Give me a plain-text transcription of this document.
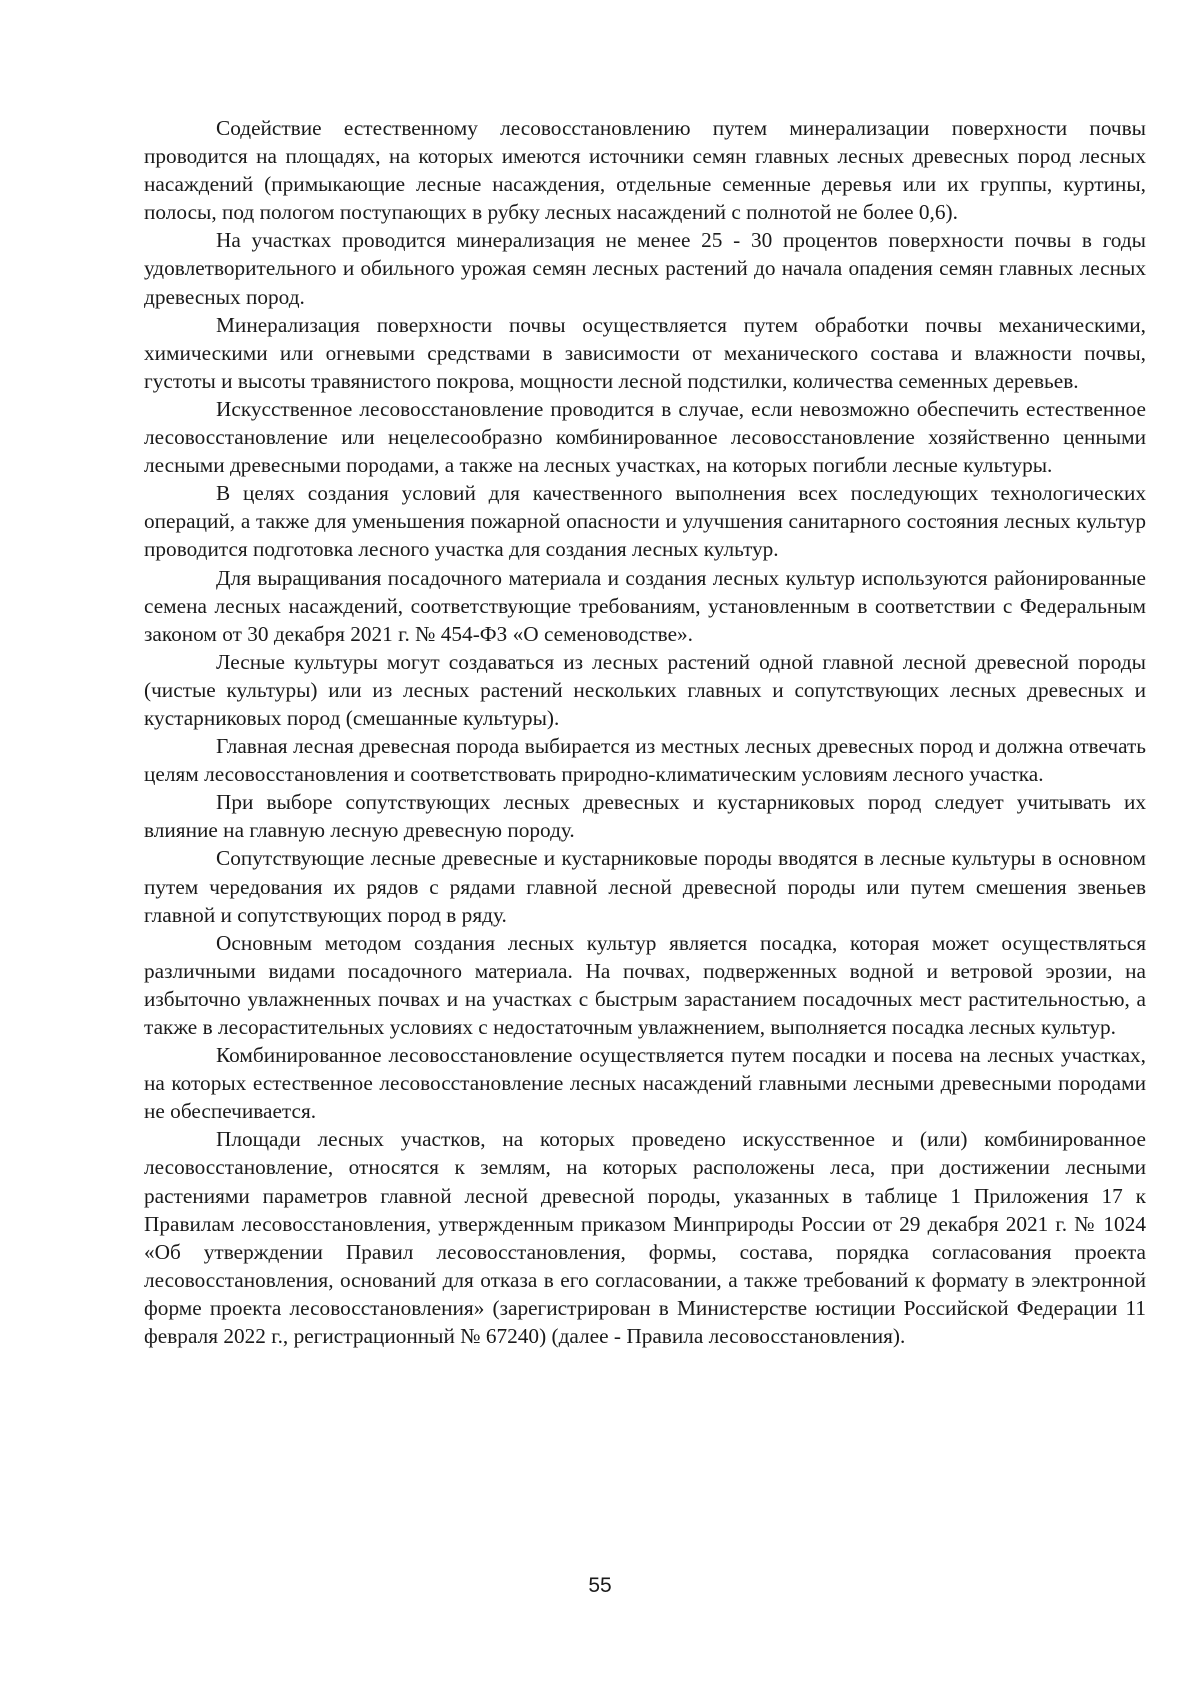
Содействие естественному лесовосстановлению путем минерализации поверхности почвы проводится на площадях, на которых имеются источники семян главных лесных древесных пород лесных насаждений (примыкающие лесные насаждения, отдельные семенные деревья или их группы, куртины, полосы, под пологом поступающих в рубку лесных насаждений с полнотой не более 0,6).

На участках проводится минерализация не менее 25 - 30 процентов поверхности почвы в годы удовлетворительного и обильного урожая семян лесных растений до начала опадения семян главных лесных древесных пород.

Минерализация поверхности почвы осуществляется путем обработки почвы механическими, химическими или огневыми средствами в зависимости от механического состава и влажности почвы, густоты и высоты травянистого покрова, мощности лесной подстилки, количества семенных деревьев.

Искусственное лесовосстановление проводится в случае, если невозможно обеспечить естественное лесовосстановление или нецелесообразно комбинированное лесовосстановление хозяйственно ценными лесными древесными породами, а также на лесных участках, на которых погибли лесные культуры.

В целях создания условий для качественного выполнения всех последующих технологических операций, а также для уменьшения пожарной опасности и улучшения санитарного состояния лесных культур проводится подготовка лесного участка для создания лесных культур.

Для выращивания посадочного материала и создания лесных культур используются районированные семена лесных насаждений, соответствующие требованиям, установленным в соответствии с Федеральным законом от 30 декабря 2021 г. № 454-ФЗ «О семеноводстве».

Лесные культуры могут создаваться из лесных растений одной главной лесной древесной породы (чистые культуры) или из лесных растений нескольких главных и сопутствующих лесных древесных и кустарниковых пород (смешанные культуры).

Главная лесная древесная порода выбирается из местных лесных древесных пород и должна отвечать целям лесовосстановления и соответствовать природно-климатическим условиям лесного участка.

При выборе сопутствующих лесных древесных и кустарниковых пород следует учитывать их влияние на главную лесную древесную породу.

Сопутствующие лесные древесные и кустарниковые породы вводятся в лесные культуры в основном путем чередования их рядов с рядами главной лесной древесной породы или путем смешения звеньев главной и сопутствующих пород в ряду.

Основным методом создания лесных культур является посадка, которая может осуществляться различными видами посадочного материала. На почвах, подверженных водной и ветровой эрозии, на избыточно увлажненных почвах и на участках с быстрым зарастанием посадочных мест растительностью, а также в лесорастительных условиях с недостаточным увлажнением, выполняется посадка лесных культур.

Комбинированное лесовосстановление осуществляется путем посадки и посева на лесных участках, на которых естественное лесовосстановление лесных насаждений главными лесными древесными породами не обеспечивается.

Площади лесных участков, на которых проведено искусственное и (или) комбинированное лесовосстановление, относятся к землям, на которых расположены леса, при достижении лесными растениями параметров главной лесной древесной породы, указанных в таблице 1 Приложения 17 к Правилам лесовосстановления, утвержденным приказом Минприроды России от 29 декабря 2021 г. № 1024 «Об утверждении Правил лесовосстановления, формы, состава, порядка согласования проекта лесовосстановления, оснований для отказа в его согласовании, а также требований к формату в электронной форме проекта лесовосстановления» (зарегистрирован в Министерстве юстиции Российской Федерации 11 февраля 2022 г., регистрационный № 67240) (далее - Правила лесовосстановления).

55
